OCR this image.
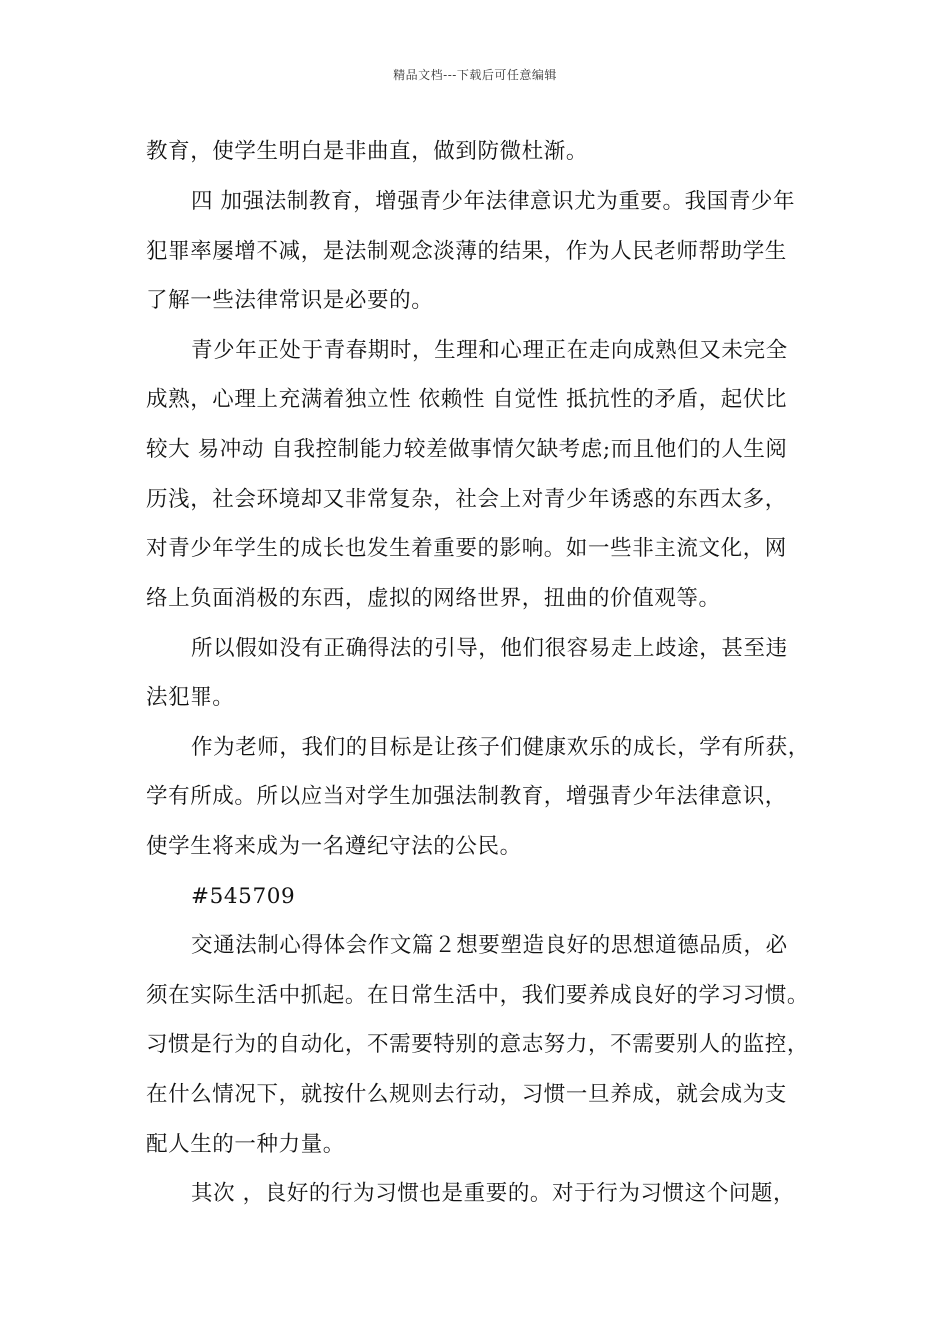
精品文档---下载后可任意编辑
教育，使学生明白是非曲直，做到防微杜渐。
四 加强法制教育，增强青少年法律意识尤为重要。我国青少年
犯罪率屡增不减，是法制观念淡薄的结果，作为人民老师帮助学生
了解一些法律常识是必要的。
青少年正处于青春期时，生理和心理正在走向成熟但又未完全
成熟，心理上充满着独立性 依赖性 自觉性 抵抗性的矛盾，起伏比
较大 易冲动 自我控制能力较差做事情欠缺考虑;而且他们的人生阅
历浅，社会环境却又非常复杂，社会上对青少年诱惑的东西太多，
对青少年学生的成长也发生着重要的影响。如一些非主流文化，网
络上负面消极的东西，虚拟的网络世界，扭曲的价值观等。
所以假如没有正确得法的引导，他们很容易走上歧途，甚至违
法犯罪。
作为老师，我们的目标是让孩子们健康欢乐的成长，学有所获，
学有所成。所以应当对学生加强法制教育，增强青少年法律意识，
使学生将来成为一名遵纪守法的公民。
#545709
交通法制心得体会作文篇２想要塑造良好的思想道德品质，必
须在实际生活中抓起。在日常生活中，我们要养成良好的学习习惯。
习惯是行为的自动化，不需要特别的意志努力，不需要别人的监控，
在什么情况下，就按什么规则去行动，习惯一旦养成，就会成为支
配人生的一种力量。
其次 ，良好的行为习惯也是重要的。对于行为习惯这个问题，
